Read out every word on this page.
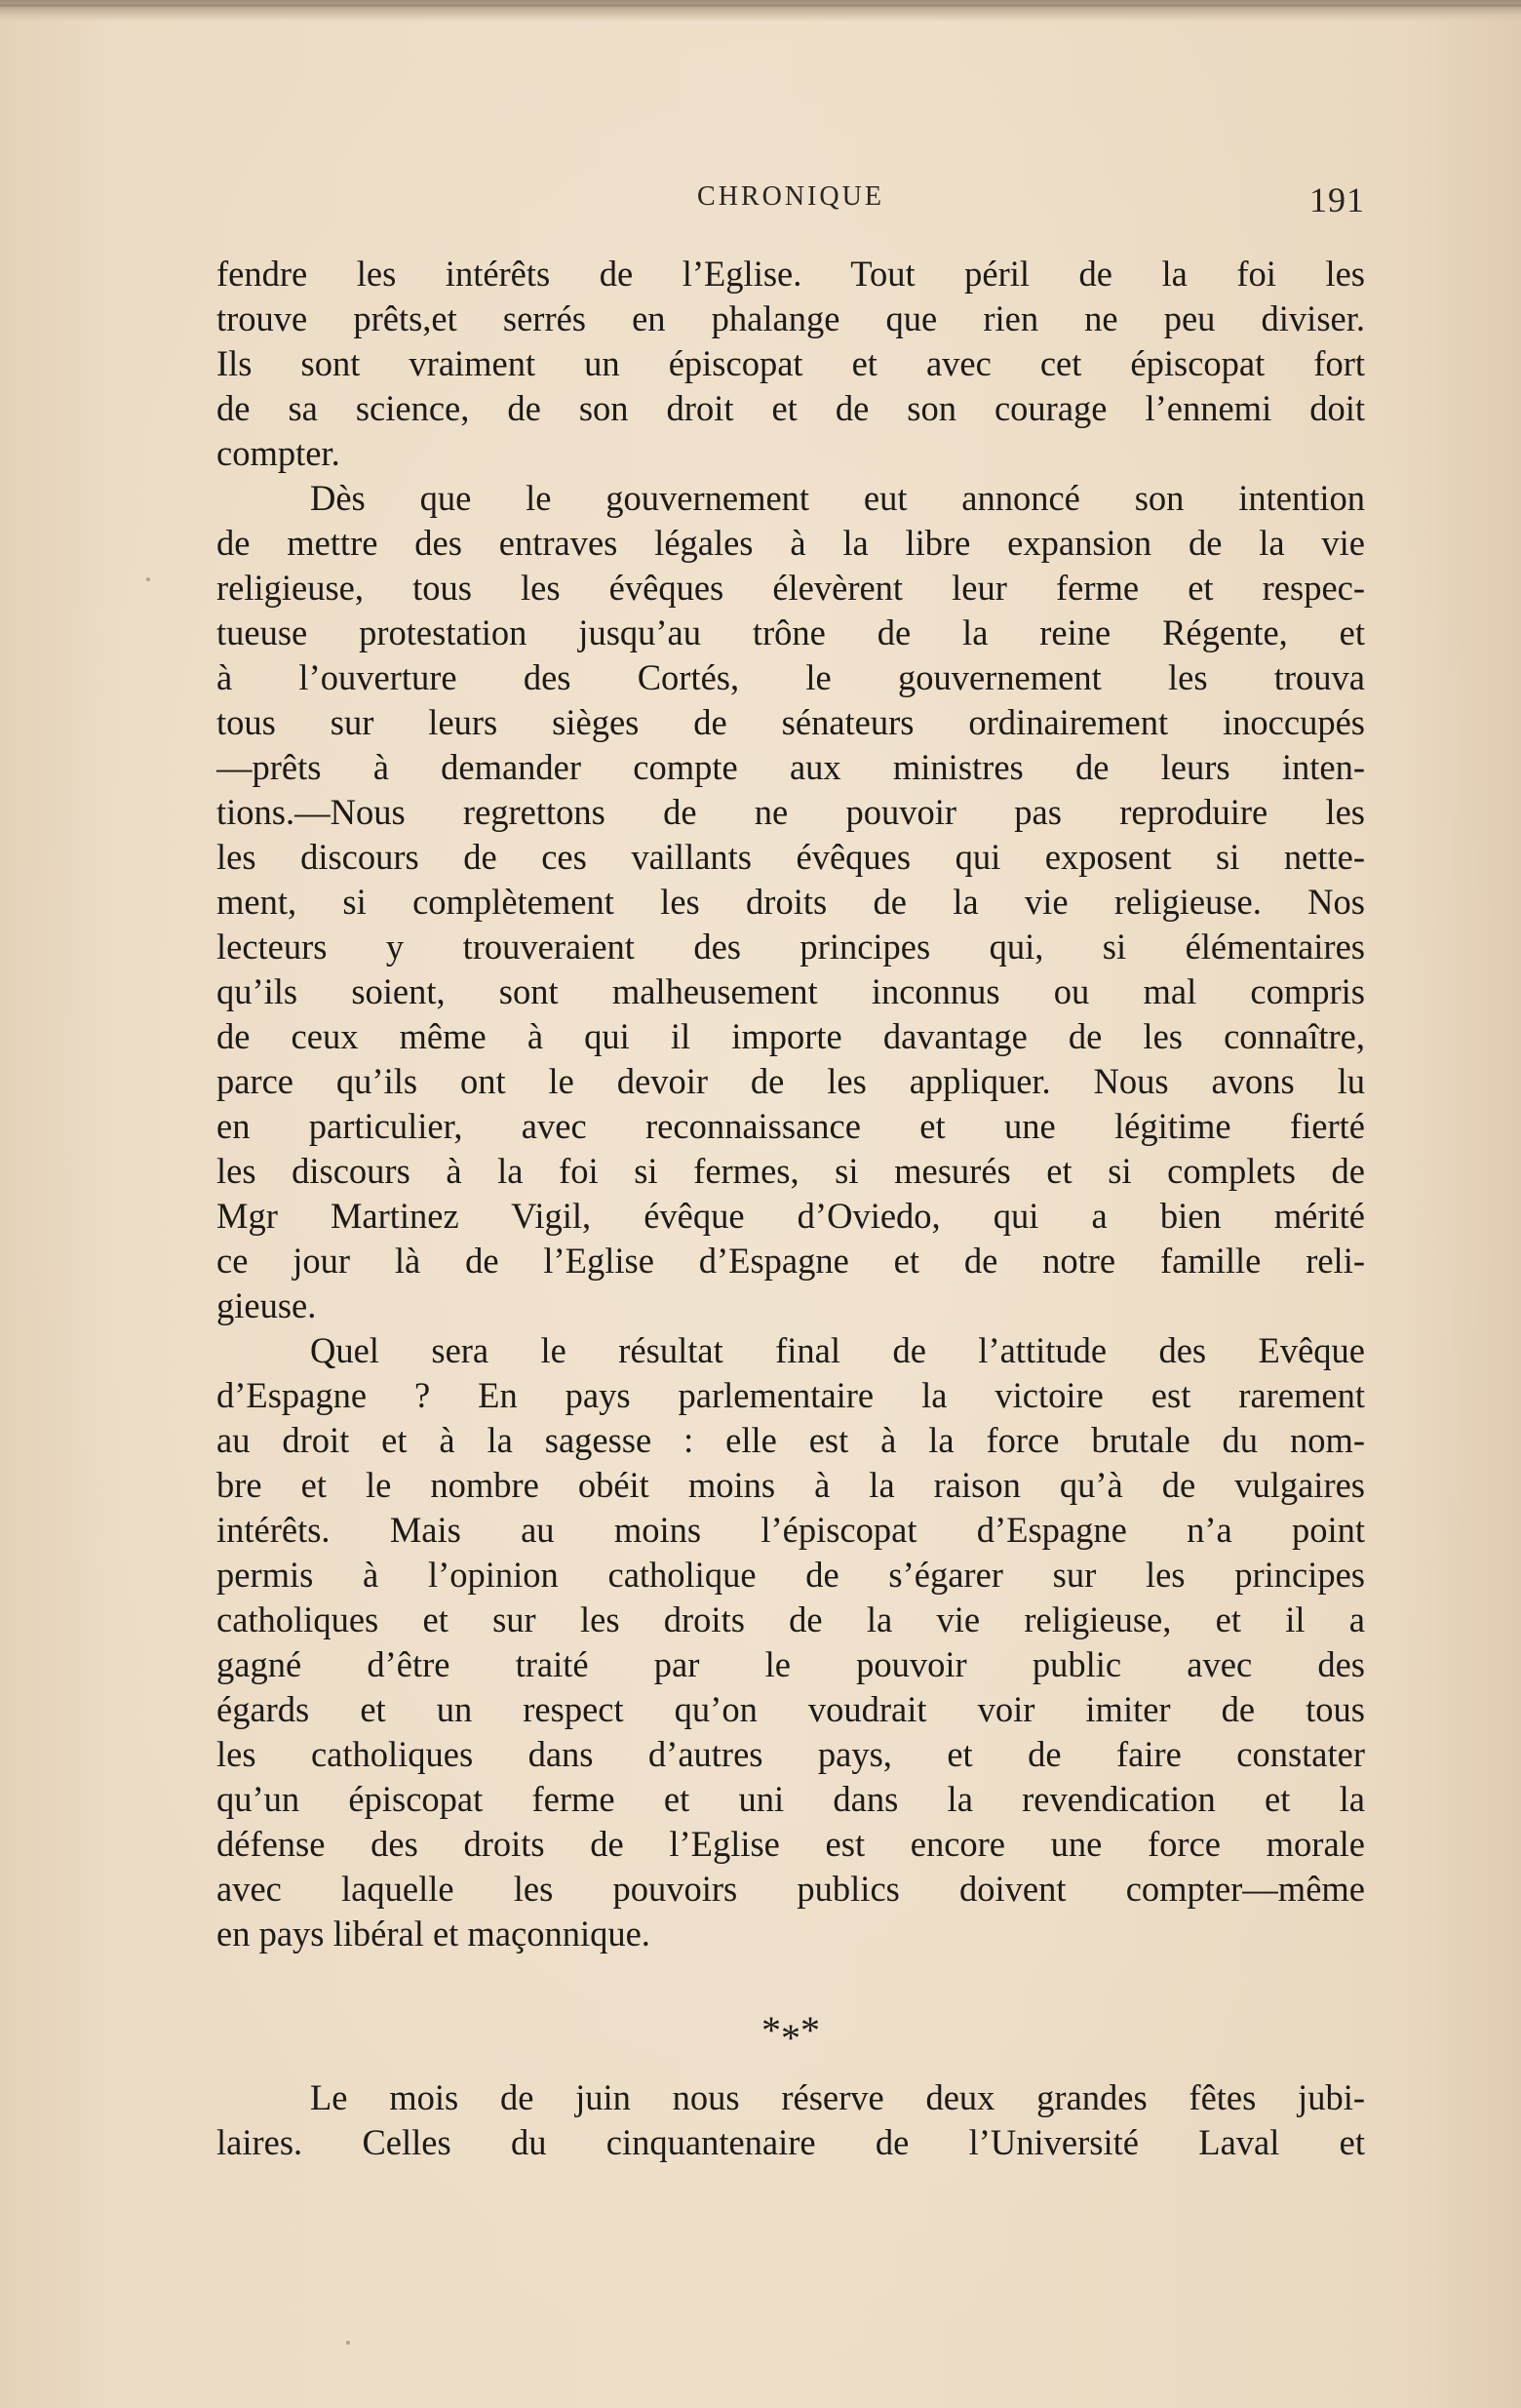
CHRONIQUE	191
fendre les intérêts de l’Eglise. Tout péril de la foi les
trouve prêts,et serrés en phalange que rien ne peu diviser.
Ils sont vraiment un épiscopat et avec cet épiscopat fort
de sa science, de son droit et de son courage l’ennemi doit
compter.
Dès que le gouvernement eut annoncé son intention
de mettre des entraves légales à la libre expansion de la vie
religieuse, tous les évêques élevèrent leur ferme et respec-
tueuse protestation jusqu’au trône de la reine Régente, et
à l’ouverture des Cortés, le gouvernement les trouva
tous sur leurs sièges de sénateurs ordinairement inoccupés
—prêts à demander compte aux ministres de leurs inten-
tions.—Nous regrettons de ne pouvoir pas reproduire les
les discours de ces vaillants évêques qui exposent si nette-
ment, si complètement les droits de la vie religieuse. Nos
lecteurs y trouveraient des principes qui, si élémentaires
qu’ils soient, sont malheusement inconnus ou mal compris
de ceux même à qui il importe davantage de les connaître,
parce qu’ils ont le devoir de les appliquer. Nous avons lu
en particulier, avec reconnaissance et une légitime fierté
les discours à la foi si fermes, si mesurés et si complets de
Mgr Martinez Vigil, évêque d’Oviedo, qui a bien mérité
ce jour là de l’Eglise d’Espagne et de notre famille reli-
gieuse.
Quel sera le résultat final de l’attitude des Evêque
d’Espagne ? En pays parlementaire la victoire est rarement
au droit et à la sagesse : elle est à la force brutale du nom-
bre et le nombre obéit moins à la raison qu’à de vulgaires
intérêts. Mais au moins l’épiscopat d’Espagne n’a point
permis à l’opinion catholique de s’égarer sur les principes
catholiques et sur les droits de la vie religieuse, et il a
gagné d’être traité par le pouvoir public avec des
égards et un respect qu’on voudrait voir imiter de tous
les catholiques dans d’autres pays, et de faire constater
qu’un épiscopat ferme et uni dans la revendication et la
défense des droits de l’Eglise est encore une force morale
avec laquelle les pouvoirs publics doivent compter—même
en pays libéral et maçonnique.
***
Le mois de juin nous réserve deux grandes fêtes jubi-
laires. Celles du cinquantenaire de l’Université Laval et
